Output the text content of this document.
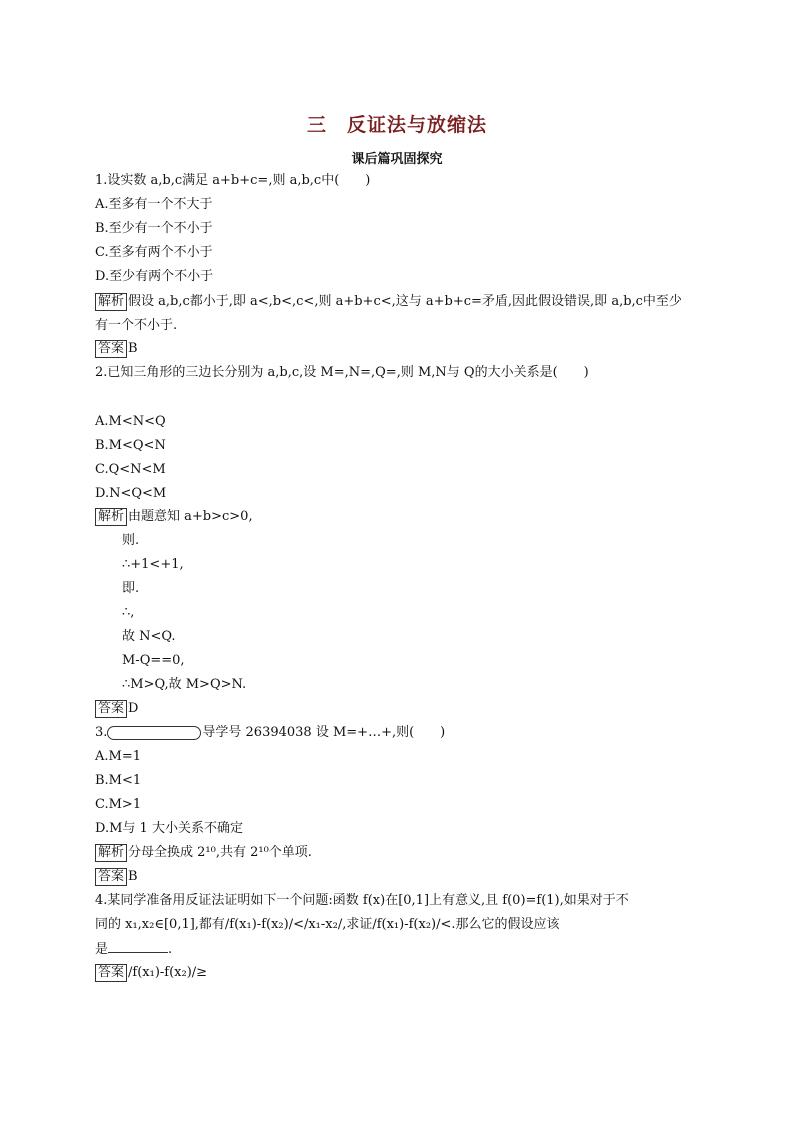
三　反证法与放缩法
课后篇巩固探究
1.设实数 a,b,c满足 a+b+c=,则 a,b,c中(　　)
A.至多有一个不大于
B.至少有一个不小于
C.至多有两个不小于
D.至少有两个不小于
解析 假设 a,b,c都小于,即 a<,b<,c<,则 a+b+c<,这与 a+b+c=矛盾,因此假设错误,即 a,b,c中至少
有一个不小于.
答案 B
2.已知三角形的三边长分别为 a,b,c,设 M=,N=,Q=,则 M,N与 Q的大小关系是(　　)
A.M<N<Q
B.M<Q<N
C.Q<N<M
D.N<Q<M
解析 由题意知 a+b>c>0,
则.
∴+1<+1,
即.
∴,
故 N<Q.
M-Q==0,
∴M>Q,故 M>Q>N.
答案 D
3.	导学号 26394038 设 M=+…+,则(　　)
A.M=1
B.M<1
C.M>1
D.M与 1 大小关系不确定
解析 分母全换成 2¹⁰,共有 2¹⁰个单项.
答案 B
4.某同学准备用反证法证明如下一个问题:函数 f(x)在[0,1]上有意义,且 f(0)=f(1),如果对于不
同的 x₁,x₂∈[0,1],都有/f(x₁)-f(x₂)/</x₁-x₂/,求证/f(x₁)-f(x₂)/<.那么它的假设应该
是	.
答案 /f(x₁)-f(x₂)/≥
